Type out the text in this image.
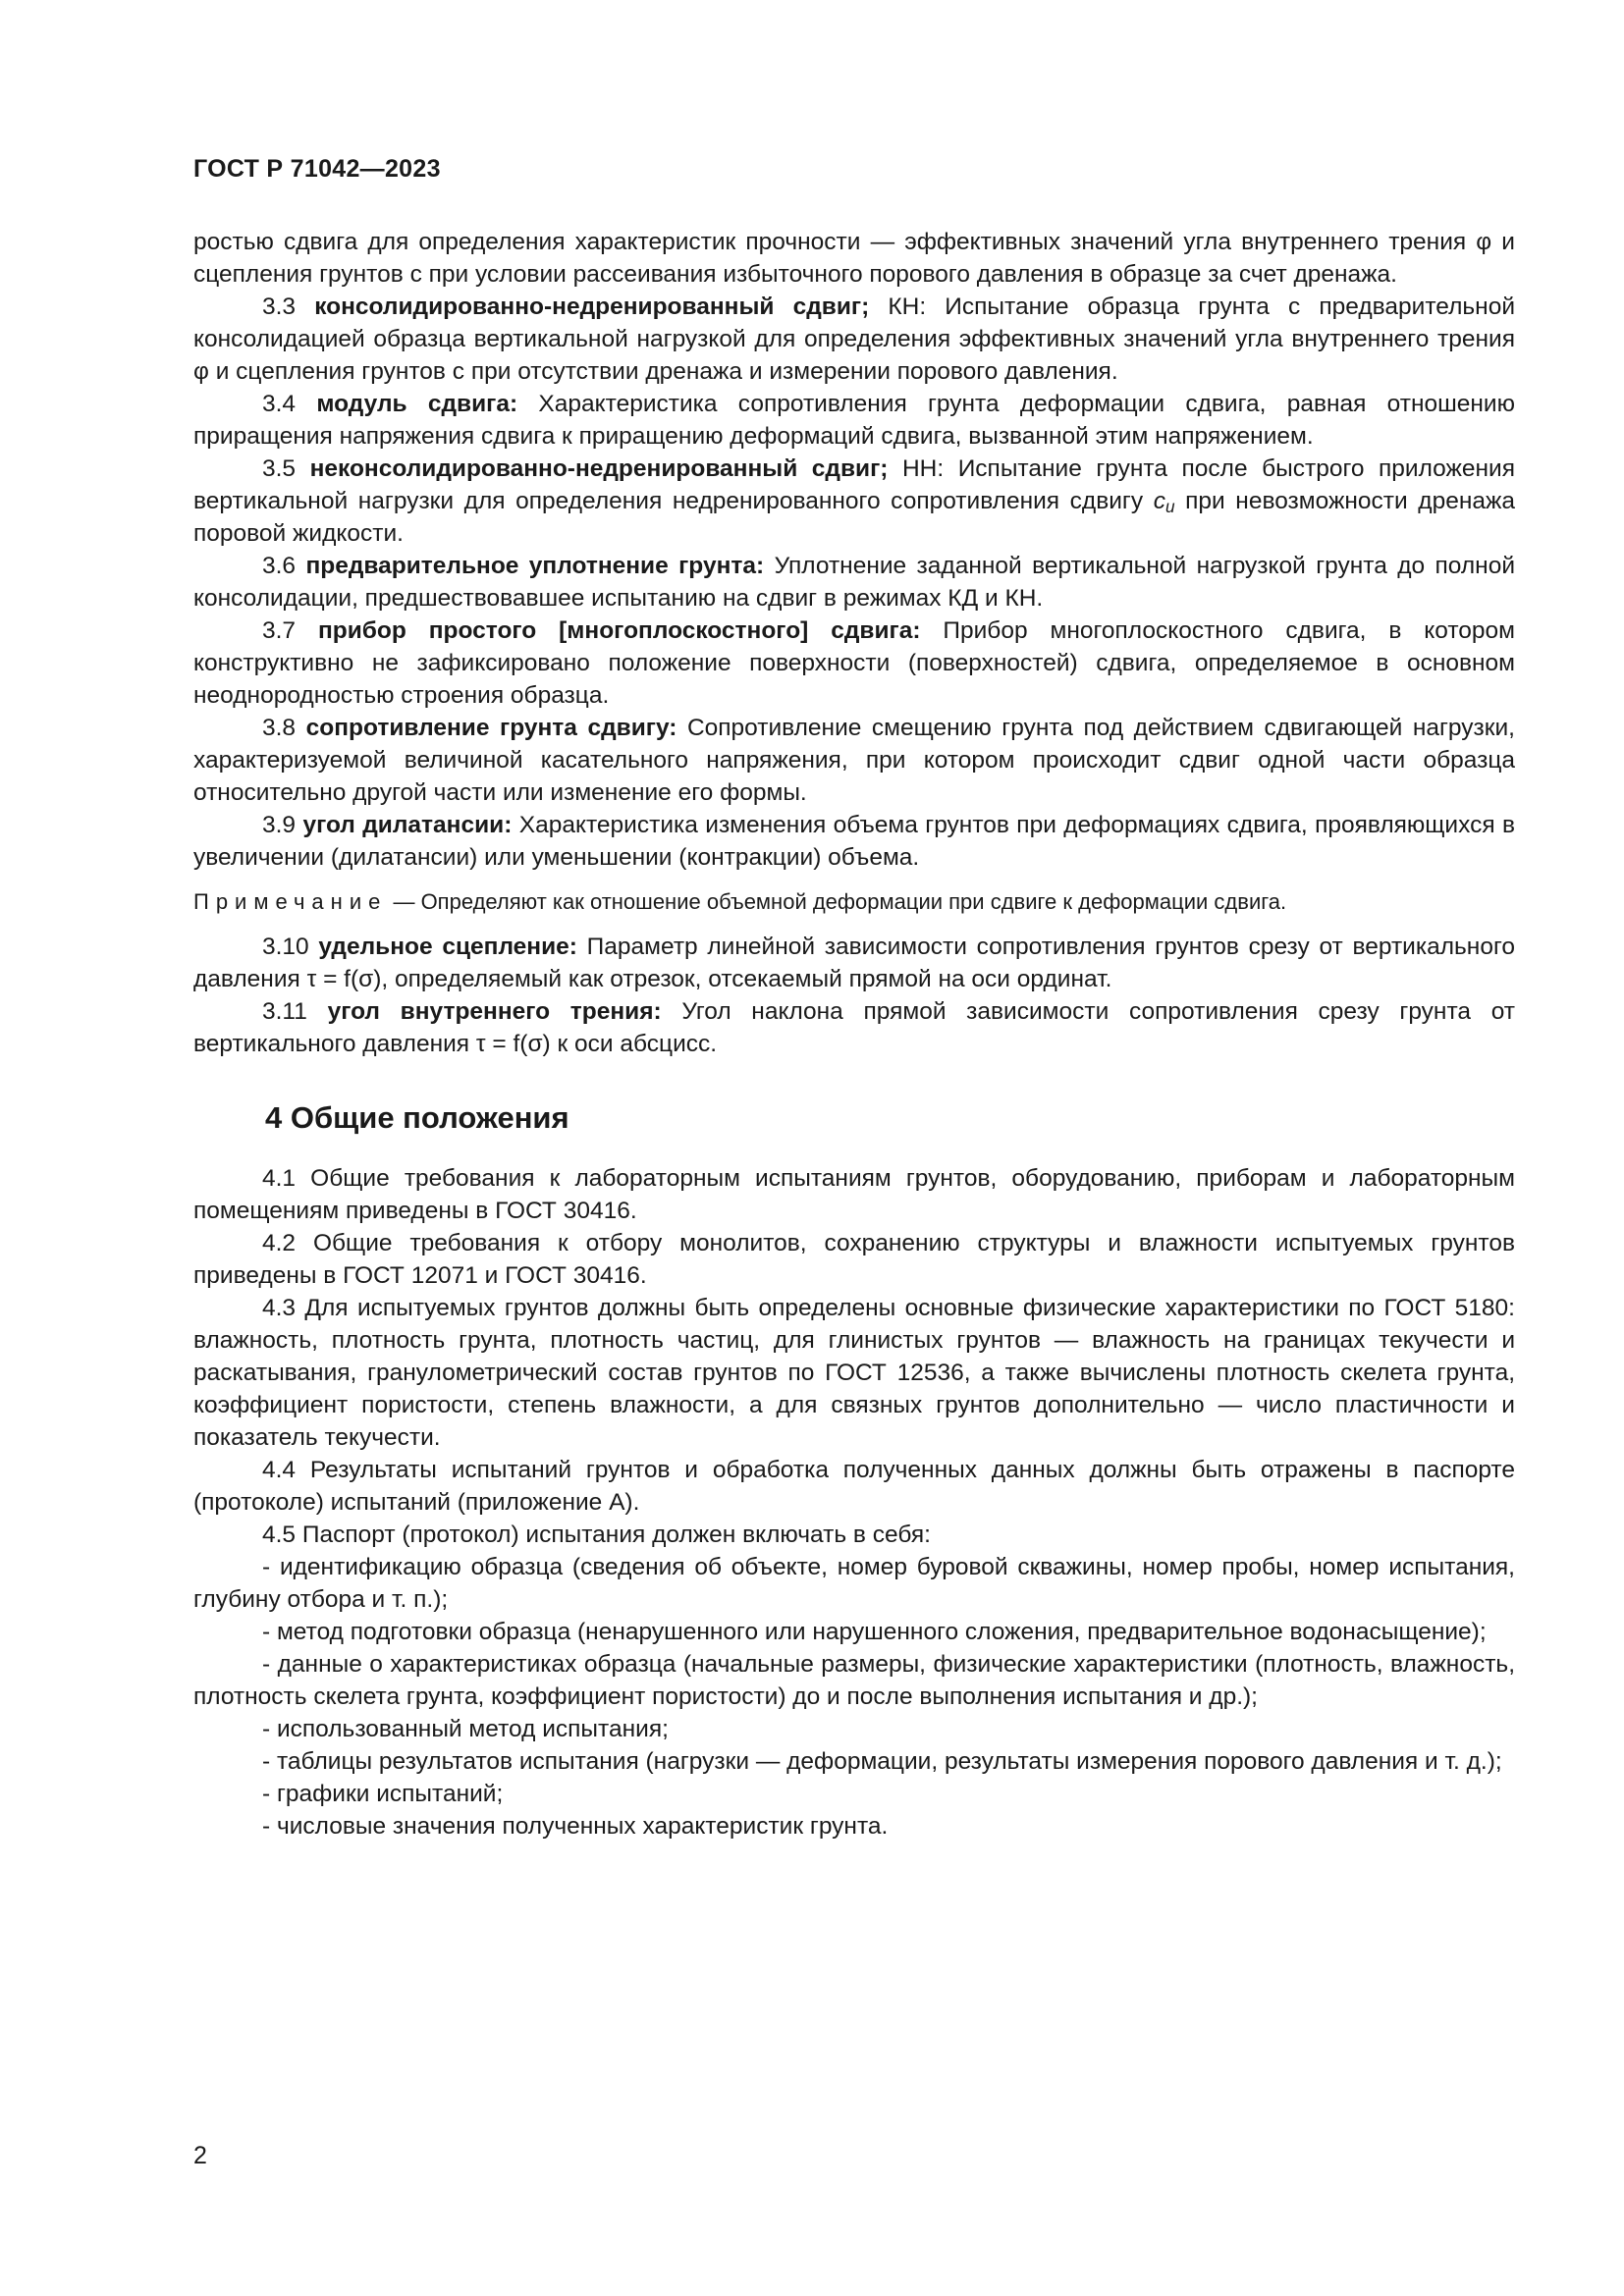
ГОСТ Р 71042—2023

ростью сдвига для определения характеристик прочности — эффективных значений угла внутреннего трения φ и сцепления грунтов c при условии рассеивания избыточного порового давления в образце за счет дренажа.

3.3 консолидированно-недренированный сдвиг; КН: Испытание образца грунта с предварительной консолидацией образца вертикальной нагрузкой для определения эффективных значений угла внутреннего трения φ и сцепления грунтов c при отсутствии дренажа и измерении порового давления.

3.4 модуль сдвига: Характеристика сопротивления грунта деформации сдвига, равная отношению приращения напряжения сдвига к приращению деформаций сдвига, вызванной этим напряжением.

3.5 неконсолидированно-недренированный сдвиг; НН: Испытание грунта после быстрого приложения вертикальной нагрузки для определения недренированного сопротивления сдвигу $c_u$ при невозможности дренажа поровой жидкости.

3.6 предварительное уплотнение грунта: Уплотнение заданной вертикальной нагрузкой грунта до полной консолидации, предшествовавшее испытанию на сдвиг в режимах КД и КН.

3.7 прибор простого [многоплоскостного] сдвига: Прибор многоплоскостного сдвига, в котором конструктивно не зафиксировано положение поверхности (поверхностей) сдвига, определяемое в основном неоднородностью строения образца.

3.8 сопротивление грунта сдвигу: Сопротивление смещению грунта под действием сдвигающей нагрузки, характеризуемой величиной касательного напряжения, при котором происходит сдвиг одной части образца относительно другой части или изменение его формы.

3.9 угол дилатансии: Характеристика изменения объема грунтов при деформациях сдвига, проявляющихся в увеличении (дилатансии) или уменьшении (контракции) объема.

Примечание — Определяют как отношение объемной деформации при сдвиге к деформации сдвига.

3.10 удельное сцепление: Параметр линейной зависимости сопротивления грунтов срезу от вертикального давления τ = f(σ), определяемый как отрезок, отсекаемый прямой на оси ординат.

3.11 угол внутреннего трения: Угол наклона прямой зависимости сопротивления срезу грунта от вертикального давления τ = f(σ) к оси абсцисс.

4 Общие положения

4.1 Общие требования к лабораторным испытаниям грунтов, оборудованию, приборам и лабораторным помещениям приведены в ГОСТ 30416.

4.2 Общие требования к отбору монолитов, сохранению структуры и влажности испытуемых грунтов приведены в ГОСТ 12071 и ГОСТ 30416.

4.3 Для испытуемых грунтов должны быть определены основные физические характеристики по ГОСТ 5180: влажность, плотность грунта, плотность частиц, для глинистых грунтов — влажность на границах текучести и раскатывания, гранулометрический состав грунтов по ГОСТ 12536, а также вычислены плотность скелета грунта, коэффициент пористости, степень влажности, а для связных грунтов дополнительно — число пластичности и показатель текучести.

4.4 Результаты испытаний грунтов и обработка полученных данных должны быть отражены в паспорте (протоколе) испытаний (приложение А).

4.5 Паспорт (протокол) испытания должен включать в себя:

- идентификацию образца (сведения об объекте, номер буровой скважины, номер пробы, номер испытания, глубину отбора и т. п.);

- метод подготовки образца (ненарушенного или нарушенного сложения, предварительное водонасыщение);

- данные о характеристиках образца (начальные размеры, физические характеристики (плотность, влажность, плотность скелета грунта, коэффициент пористости) до и после выполнения испытания и др.);

- использованный метод испытания;

- таблицы результатов испытания (нагрузки — деформации, результаты измерения порового давления и т. д.);

- графики испытаний;

- числовые значения полученных характеристик грунта.

2
